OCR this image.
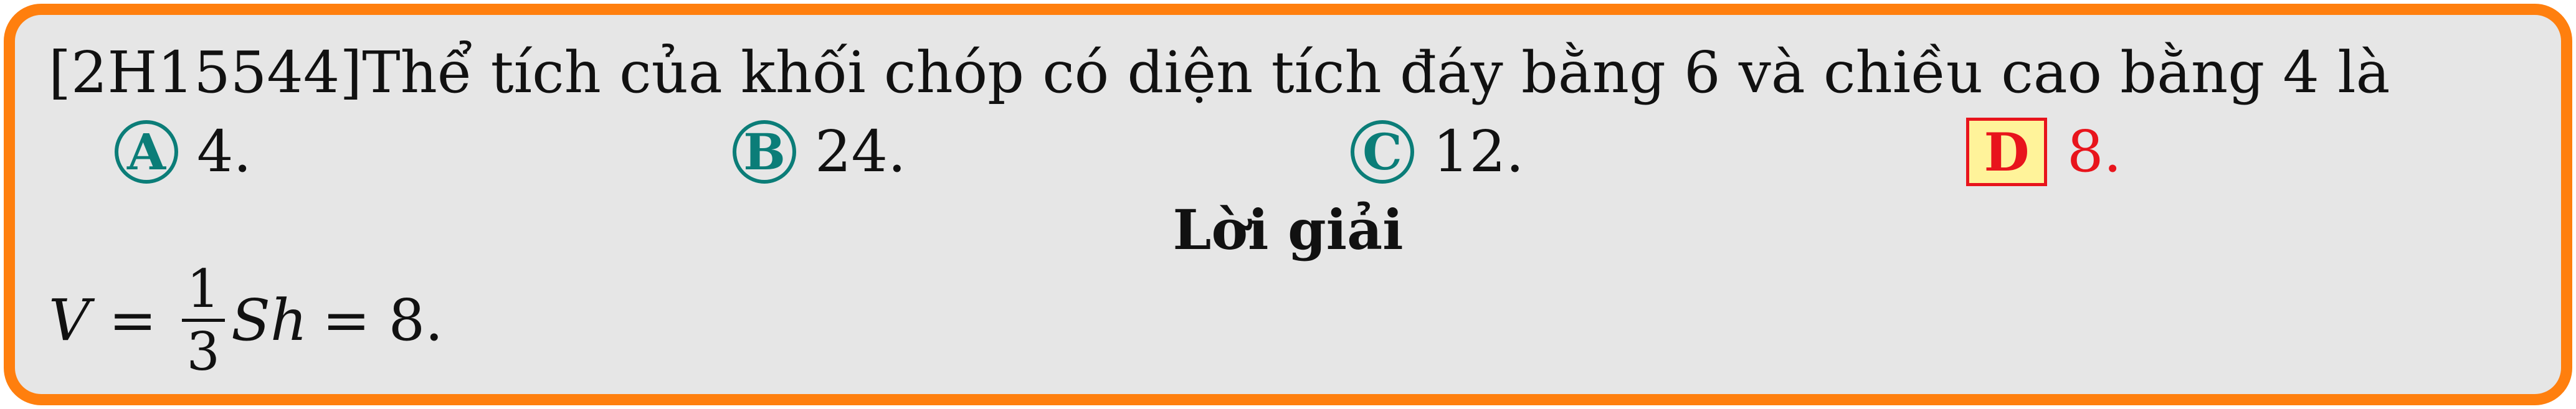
[2H15544]Thể tích của khối chóp có diện tích đáy bằng 6 và chiều cao bằng 4 là
A 4.	B 24.	C 12.	D 8.
Lời giải
$V = \frac{1}{3}$ Sh = 8.
